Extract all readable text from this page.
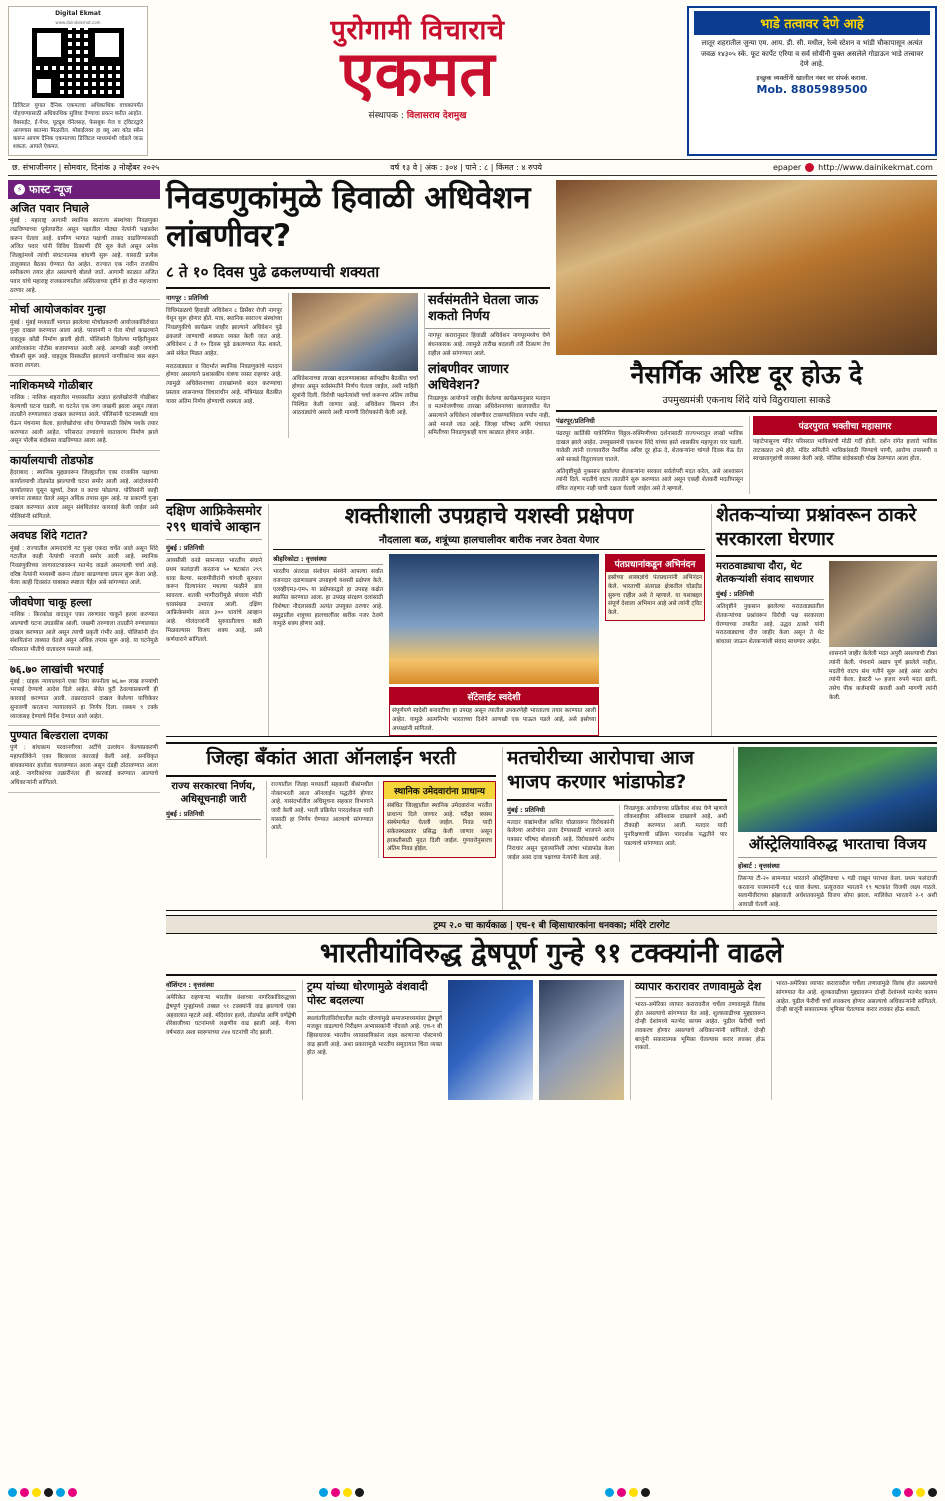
Digital Ekmat
www.dainikekmat.com
डिजिटल युगात दैनिक एकमतचा अधिकाधिक वाचकांपर्यंत पोहचण्यासाठी अधिकाधिक सुविधा देण्याचा प्रयत्न करीत आहोत. वेबसाईट, ई-पेपर, यूट्यूब चॅनेलसह, फेसबुक पेज व ट्विटरद्वारे आपणास बातम्या मिळतील. मोबाईलवर हा क्यू आर कोड स्कॅन करून आपण दैनिक एकमतच्या डिजिटल माध्यमांशी जोडले जाऊ शकता. आपले ऐकमत.
पुरोगामी विचाराचे
एकमत
संस्थापक : विलासराव देशमुख
भाडे तत्वावर देणे आहे
लातूर शहरातील जुन्या एम. आय. डी. सी. मधील, रेल्वे स्टेशन व भांडी चौकापासून अत्यंत जवळ १४३०५ स्के. फूट कार्पेट एरिया व सर्व सोयींनी युक्त असलेले गोडाऊन भाडे तत्त्वावर देणे आहे.
इच्छुक व्यक्तींनी खालील नंबर वर संपर्क करावा.
Mob. 8805989500
छ. संभाजीनगर | सोमवार, दिनांक ३ नोव्हेंबर २०२५	वर्ष १३ वे | अंक : ३०४ | पाने : ८ | किंमत : ४ रुपये	epaper http://www.dainikekmat.com
⚡ फास्ट न्यूज
अजित पवार निघाले
मुंबई : महाराष्ट्र आगामी स्थानिक स्वराज्य संस्थांच्या निवडणुका लढविण्याच्या पूर्वतयारीत असून पक्षातील मोठ्या नेत्यांनी पक्षप्रवेश करून घेतला आहे. ग्रामीण भागात पक्षाची ताकद वाढविण्यासाठी अजित पवार यांनी विविध ठिकाणी दौरे सुरु केले असून अनेक जिल्ह्यांमध्ये त्यांची संघटनात्मक बांधणी सुरू आहे. यासाठी प्रत्येक तालुक्यात बैठका घेण्यात येत आहेत. राज्यात एक नवीन राजकीय समीकरण तयार होत असल्याचे बोलले जाते. आगामी काळात अजित पवार यांचे महाराष्ट्र राजकारणातील अस्तित्वाच्या दृष्टीने हा दौरा महत्त्वाचा ठरणार आहे.
मोर्चा आयोजकांवर गुन्हा
मुंबई : मुंबई मध्यवर्ती भागात झालेल्या मोर्चाप्रकरणी आयोजकांविरोधात गुन्हा दाखल करण्यात आला आहे. परवानगी न घेता मोर्चा काढल्याने वाहतूक कोंडी निर्माण झाली होती. पोलिसांनी दिलेल्या माहितीनुसार आयोजकांना नोटीस बजावण्यात आली आहे. आणखी काही जणांची चौकशी सुरू आहे. वाहतूक विस्कळीत झाल्याने नागरिकांना त्रास सहन करावा लागला.
नाशिकमध्ये गोळीबार
नाशिक : नाशिक शहरातील मध्यवस्तीत अज्ञात हल्लेखोरांनी गोळीबार केल्याची घटना घडली. या घटनेत एक जण जखमी झाला असून त्याला तातडीने रुग्णालयात दाखल करण्यात आले. पोलिसांनी घटनास्थळी धाव घेऊन पंचनामा केला. हल्लेखोरांचा शोध घेण्यासाठी विशेष पथके तयार करण्यात आली आहेत. परिसरात तणावाचे वातावरण निर्माण झाले असून पोलीस बंदोबस्त वाढविण्यात आला आहे.
कार्यालयाची तोडफोड
हैदराबाद : स्थानिक मुद्द्यावरून जिल्ह्यातील एका राजकीय पक्षाच्या कार्यालयाची तोडफोड झाल्याची घटना समोर आली आहे. आंदोलकांनी कार्यालयात घुसून खुर्च्या, टेबल व काचा फोडल्या. पोलिसांनी काही जणांना ताब्यात घेतले असून अधिक तपास सुरू आहे. या प्रकरणी गुन्हा दाखल करण्यात आला असून संबंधितांवर कारवाई केली जाईल असे पोलिसांनी सांगितले.
अवघड शिंदे गटात?
मुंबई : राज्यातील आमदारांचे गट पुन्हा एकदा चर्चेत आले असून शिंदे गटातील काही नेत्यांची नाराजी समोर आली आहे. स्थानिक निवडणुकीच्या जागावाटपावरून मतभेद वाढले असल्याची चर्चा आहे. वरिष्ठ नेत्यांनी मध्यस्थी करून तोडगा काढण्याचा प्रयत्न सुरू केला आहे. येत्या काही दिवसांत याबाबत स्पष्टता येईल असे सांगण्यात आले.
जीवघेणा चाकू हल्ला
नाशिक : किरकोळ वादातून एका तरुणावर चाकूने हल्ला करण्यात आल्याची घटना उघडकीस आली. जखमी तरुणाला तातडीने रुग्णालयात दाखल करण्यात आले असून त्याची प्रकृती गंभीर आहे. पोलिसांनी दोन संशयितांना ताब्यात घेतले असून अधिक तपास सुरू आहे. या घटनेमुळे परिसरात भीतीचे वातावरण पसरले आहे.
७६.७० लाखांची भरपाई
मुंबई : ग्राहक न्यायालयाने एका विमा कंपनीला ७६.७० लाख रुपयांची भरपाई देण्याचे आदेश दिले आहेत. सेवेत त्रुटी ठेवल्याप्रकरणी ही कारवाई करण्यात आली. तक्रारदाराने दाखल केलेल्या याचिकेवर सुनावणी करताना न्यायालयाने हा निर्णय दिला. रक्कम ९ टक्के व्याजासह देण्याचे निर्देश देण्यात आले आहेत.
पुण्यात बिल्डराला दणका
पुणे : बांधकाम परवानगीच्या अटींचे उल्लंघन केल्याप्रकरणी महापालिकेने एका बिल्डरवर कारवाई केली आहे. अनधिकृत बांधकामावर हातोडा चालवण्यात आला असून दंडही ठोठावण्यात आला आहे. नागरिकांच्या तक्रारींनंतर ही कारवाई करण्यात आल्याचे अधिकाऱ्यांनी सांगितले.
निवडणुकांमुळे हिवाळी अधिवेशन लांबणीवर?
८ ते १० दिवस पुढे ढकलण्याची शक्यता
नागपूर : प्रतिनिधी
विधिमंडळाचे हिवाळी अधिवेशन ८ डिसेंबर रोजी नागपूर येथून सुरू होणार होते. मात्र, स्थानिक स्वराज्य संस्थांच्या निवडणुकीचे कार्यक्रम जाहीर झाल्याने अधिवेशन पुढे ढकलले जाण्याची शक्यता व्यक्त केली जात आहे. अधिवेशन ८ ते १० दिवस पुढे ढकलण्यात येऊ शकते, असे संकेत मिळत आहेत.
मराठवाड्यात व विदर्भात स्थानिक निवडणुकांचे मतदान होणार असल्याने प्रशासकीय यंत्रणा व्यस्त राहणार आहे. त्यामुळे अधिवेशनाच्या तारखांमध्ये बदल करण्याचा प्रस्ताव शासनाच्या विचाराधीन आहे. मंत्रिमंडळ बैठकीत यावर अंतिम निर्णय होण्याची शक्यता आहे.
अधिवेशनाच्या तारखा बदलण्याबाबत सर्वपक्षीय बैठकीत चर्चा होणार असून सर्वसंमतीने निर्णय घेतला जाईल, अशी माहिती सूत्रांनी दिली. विरोधी पक्षनेत्यांशी चर्चा करूनच अंतिम तारीख निश्चित केली जाणार आहे. अधिवेशन किमान तीन आठवड्यांचे असावे अशी मागणी विरोधकांनी केली आहे.
सर्वसंमतीने घेतला जाऊ शकतो निर्णय
नागपूर करारानुसार हिवाळी अधिवेशन नागपूरमध्येच घेणे बंधनकारक आहे. त्यामुळे तारीख बदलली तरी ठिकाण तेच राहील असे सांगण्यात आले.
लांबणीवर जाणार अधिवेशन?
निवडणूक आयोगाने जाहीर केलेल्या कार्यक्रमानुसार मतदान व मतमोजणीच्या तारखा अधिवेशनाच्या कालावधीत येत असल्याने अधिवेशन लांबणीवर टाकण्याशिवाय पर्याय नाही, असे मानले जात आहे. जिल्हा परिषद आणि पंचायत समितीच्या निवडणुकाही याच काळात होणार आहेत.
नैसर्गिक अरिष्ट दूर होऊ दे
उपमुख्यमंत्री एकनाथ शिंदे यांचे विठुरायाला साकडे
पंढरपूर/प्रतिनिधी
पंढरपूर कार्तिकी यात्रेनिमित्त विठ्ठल-रुक्मिणीच्या दर्शनासाठी राज्यभरातून लाखो भाविक दाखल झाले आहेत. उपमुख्यमंत्री एकनाथ शिंदे यांच्या हस्ते शासकीय महापूजा पार पडली. यावेळी त्यांनी राज्यावरील नैसर्गिक अरिष्ट दूर होऊ दे, शेतकऱ्यांना चांगले दिवस येऊ देत असे साकडे विठुरायाला घातले.
अतिवृष्टीमुळे नुकसान झालेल्या शेतकऱ्यांना सरकार सर्वतोपरी मदत करेल, असे आश्वासन त्यांनी दिले. मदतीचे वाटप तातडीने सुरू करण्यात आले असून एकही शेतकरी मदतीपासून वंचित राहणार नाही याची दक्षता घेतली जाईल असे ते म्हणाले.
पंढरपुरात भक्तीचा महासागर
पहाटेपासूनच मंदिर परिसरात भाविकांची मोठी गर्दी होती. दर्शन रांगेत हजारो भाविक ताटकळत उभे होते. मंदिर समितीने भाविकांसाठी पिण्याचे पाणी, आरोग्य तपासणी व स्वच्छतागृहांची व्यवस्था केली आहे. पोलिस बंदोबस्तही चोख ठेवण्यात आला होता.
दक्षिण आफ्रिकेसमोर २९९ धावांचे आव्हान
मुंबई : प्रतिनिधी
आयसीसी वनडे सामन्यात भारतीय संघाने प्रथम फलंदाजी करताना ५० षटकांत २९९ धावा केल्या. सलामीवीरांनी चांगली सुरुवात करून दिल्यानंतर मधल्या फळीने डाव सावरला. शतकी भागीदारीमुळे संघाला मोठी धावसंख्या उभारता आली. दक्षिण आफ्रिकेसमोर आता ३०० धावांचे आव्हान आहे. गोलंदाजांनी सुरुवातीलाच बळी मिळवल्यास विजय शक्य आहे, असे कर्णधाराने सांगितले.
शक्तीशाली उपग्रहाचे यशस्वी प्रक्षेपण
नौदलाला बळ, शत्रूंच्या हालचालीवर बारीक नजर ठेवता येणार
श्रीहरिकोटा : वृत्तसंस्था
भारतीय अंतराळ संशोधन संस्थेने आपल्या सर्वात वजनदार दळणवळण उपग्रहाचे यशस्वी प्रक्षेपण केले. एलव्हीएम३-एम५ या प्रक्षेपकाद्वारे हा उपग्रह कक्षेत स्थापित करण्यात आला. हा उपग्रह संरक्षण दलांसाठी विशेषतः नौदलासाठी अत्यंत उपयुक्त ठरणार आहे. समुद्रातील शत्रूच्या हालचालींवर बारीक नजर ठेवणे यामुळे शक्य होणार आहे.
सॅटेलाईट स्वदेशी
संपूर्णपणे स्वदेशी बनावटीचा हा उपग्रह असून त्यातील उपकरणेही भारतातच तयार करण्यात आली आहेत. यामुळे आत्मनिर्भर भारताच्या दिशेने आणखी एक पाऊल पडले आहे, असे इस्रोच्या अध्यक्षांनी सांगितले.
पंतप्रधानांकडून अभिनंदन
इस्रोच्या शास्त्रज्ञांचे पंतप्रधानांनी अभिनंदन केले. भारताची अंतराळ क्षेत्रातील घोडदौड सुरूच राहील असे ते म्हणाले. या यशाबद्दल संपूर्ण देशाला अभिमान आहे असे त्यांनी ट्विट केले.
शेतकऱ्यांच्या प्रश्नांवरून ठाकरे सरकारला घेरणार
मराठवाड्याचा दौरा, थेट शेतकऱ्यांशी संवाद साधणार
मुंबई : प्रतिनिधी
अतिवृष्टीने नुकसान झालेल्या मराठवाड्यातील शेतकऱ्यांच्या प्रश्नांवरून विरोधी पक्ष सरकारला घेरण्याच्या तयारीत आहे. उद्धव ठाकरे यांनी मराठवाड्याचा दौरा जाहीर केला असून ते थेट बांधावर जाऊन शेतकऱ्यांशी संवाद साधणार आहेत.
शासनाने जाहीर केलेली मदत अपुरी असल्याची टीका त्यांनी केली. पंचनामे अद्याप पूर्ण झालेले नाहीत, मदतीचे वाटप संथ गतीने सुरू आहे असा आरोप त्यांनी केला. हेक्टरी ५० हजार रुपये मदत द्यावी, तसेच पीक कर्जमाफी करावी अशी मागणी त्यांनी केली.
जिल्हा बँकांत आता ऑनलाईन भरती
राज्य सरकारचा निर्णय, अधिसूचनाही जारी
मुंबई : प्रतिनिधी
राज्यातील जिल्हा मध्यवर्ती सहकारी बँकांमधील नोकरभरती आता ऑनलाईन पद्धतीने होणार आहे. यासंदर्भातील अधिसूचना सहकार विभागाने जारी केली आहे. भरती प्रक्रियेत पारदर्शकता यावी यासाठी हा निर्णय घेण्यात आल्याचे सांगण्यात आले.
स्थानिक उमेदवारांना प्राधान्य
संबंधित जिल्ह्यातील स्थानिक उमेदवारांना भरतीत प्राधान्य दिले जाणार आहे. परीक्षा त्रयस्थ संस्थेमार्फत घेतली जाईल. निवड यादी संकेतस्थळावर प्रसिद्ध केली जाणार असून हरकतीसाठी मुदत दिली जाईल. गुणवत्तेनुसारच अंतिम निवड होईल.
मतचोरीच्या आरोपाचा आज भाजप करणार भांडाफोड?
मुंबई : प्रतिनिधी
मतदार याद्यांमधील कथित घोळावरून विरोधकांनी केलेल्या आरोपांना उत्तर देण्यासाठी भाजपने आज पत्रकार परिषद बोलावली आहे. विरोधकांचे आरोप निराधार असून पुराव्यानिशी त्यांचा भांडाफोड केला जाईल असा दावा पक्षाच्या नेत्यांनी केला आहे.
निवडणूक आयोगाच्या प्रक्रियेवर शंका घेणे म्हणजे लोकशाहीवर अविश्वास दाखवणे आहे, अशी टीकाही करण्यात आली. मतदार यादी पुनरिक्षणाची प्रक्रिया पारदर्शक पद्धतीने पार पडल्याचे सांगण्यात आले.	ऑस्ट्रेलियाविरुद्ध भारताचा विजय
होबार्ट : वृत्तसंस्था
तिसऱ्या टी-२० सामन्यात भारताने ऑस्ट्रेलियाचा ५ गडी राखून पराभव केला. प्रथम फलंदाजी करताना यजमानांनी १८६ धावा केल्या. प्रत्युत्तरात भारताने १९ षटकांत विजयी लक्ष्य गाठले. सलामीवीराच्या झंझावाती अर्धशतकामुळे विजय सोपा झाला. मालिकेत भारताने २-१ अशी आघाडी घेतली आहे.
ट्रम्प २.० चा कार्यकाळ | एच-१ बी व्हिसाधारकांना धनवका; मंदिरे टारगेट
भारतीयांविरुद्ध द्वेषपूर्ण गुन्हे ९१ टक्क्यांनी वाढले
वॉशिंग्टन : वृत्तसंस्था
अमेरिकेत राहणाऱ्या भारतीय वंशाच्या नागरिकांविरुद्धच्या द्वेषपूर्ण गुन्ह्यांमध्ये तब्बल ९१ टक्क्यांनी वाढ झाल्याचे एका अहवालात म्हटले आहे. मंदिरांवर हल्ले, तोडफोड आणि वर्णद्वेषी शेरेबाजीच्या घटनांमध्ये लक्षणीय वाढ झाली आहे. गेल्या वर्षभरात अशा स्वरूपाच्या २४४ घटनांची नोंद झाली.
ट्रम्प यांच्या धोरणामुळे वंशवादी पोस्ट बदलल्या
स्थलांतरितांविरोधातील कठोर धोरणांमुळे समाजमाध्यमांवर द्वेषपूर्ण मजकूर वाढल्याचे निरीक्षण अभ्यासकांनी नोंदवले आहे. एच-१ बी व्हिसाधारक भारतीय व्यावसायिकांना लक्ष्य करणाऱ्या पोस्टमध्ये वाढ झाली आहे. अशा प्रकारामुळे भारतीय समुदायात चिंता व्यक्त होत आहे.
व्यापार करारावर तणावामुळे देश
भारत-अमेरिका व्यापार करारावरील चर्चेला तणावामुळे विलंब होत असल्याचे सांगण्यात येत आहे. शुल्कवाढीच्या मुद्द्यावरून दोन्ही देशांमध्ये मतभेद कायम आहेत. पुढील फेरीची चर्चा लवकरच होणार असल्याचे अधिकाऱ्यांनी सांगितले. दोन्ही बाजूंनी सकारात्मक भूमिका घेतल्यास करार लवकर होऊ शकतो.
भारत-अमेरिका व्यापार करारावरील चर्चेला तणावामुळे विलंब होत असल्याचे सांगण्यात येत आहे. शुल्कवाढीच्या मुद्द्यावरून दोन्ही देशांमध्ये मतभेद कायम आहेत. पुढील फेरीची चर्चा लवकरच होणार असल्याचे अधिकाऱ्यांनी सांगितले. दोन्ही बाजूंनी सकारात्मक भूमिका घेतल्यास करार लवकर होऊ शकतो.
